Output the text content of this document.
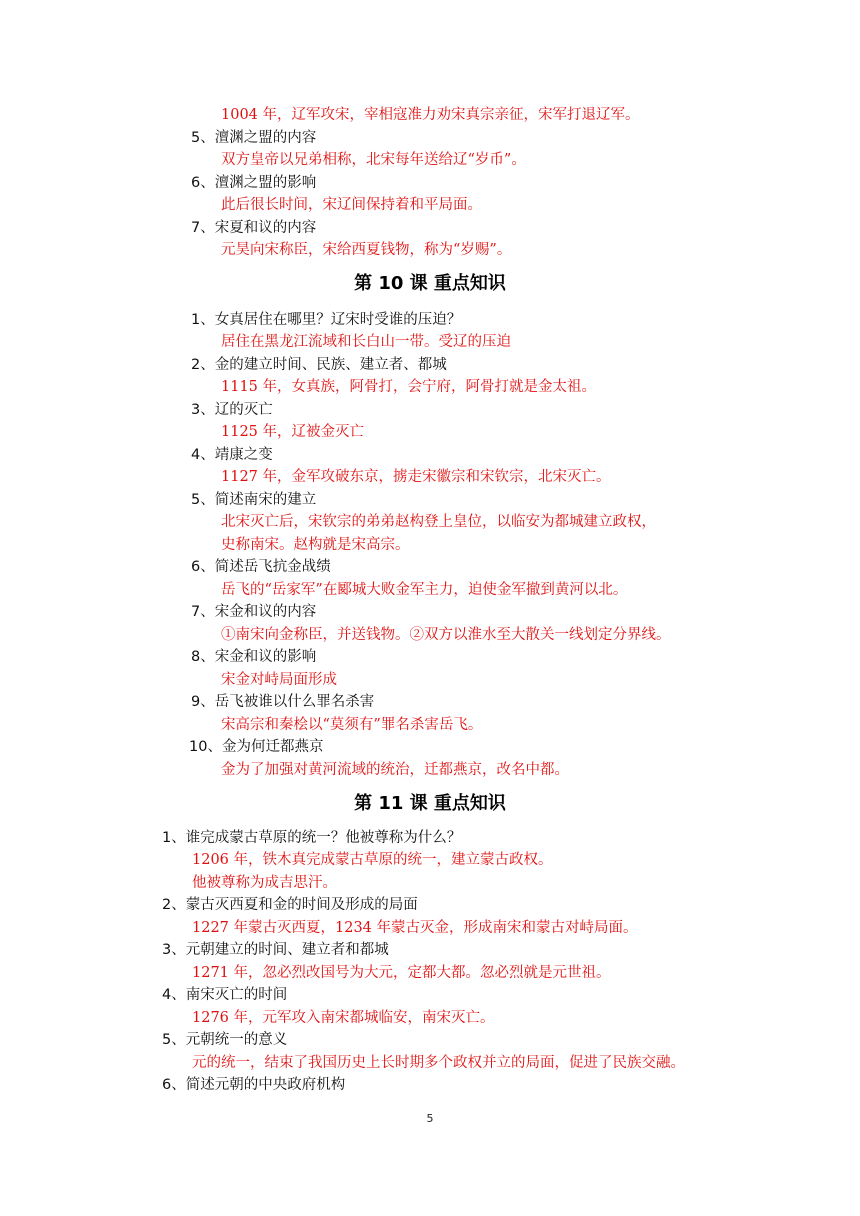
1004 年，辽军攻宋，宰相寇准力劝宋真宗亲征，宋军打退辽军。
5、澶渊之盟的内容
双方皇帝以兄弟相称，北宋每年送给辽“岁币”。
6、澶渊之盟的影响
此后很长时间，宋辽间保持着和平局面。
7、宋夏和议的内容
元昊向宋称臣，宋给西夏钱物，称为“岁赐”。
第 10 课 重点知识
1、女真居住在哪里？辽宋时受谁的压迫？
居住在黑龙江流域和长白山一带。受辽的压迫
2、金的建立时间、民族、建立者、都城
1115 年，女真族，阿骨打，会宁府，阿骨打就是金太祖。
3、辽的灭亡
1125 年，辽被金灭亡
4、靖康之变
1127 年，金军攻破东京，掳走宋徽宗和宋钦宗，北宋灭亡。
5、简述南宋的建立
北宋灭亡后，宋钦宗的弟弟赵构登上皇位，以临安为都城建立政权，
史称南宋。赵构就是宋高宗。
6、简述岳飞抗金战绩
岳飞的“岳家军”在郾城大败金军主力，迫使金军撤到黄河以北。
7、宋金和议的内容
①南宋向金称臣，并送钱物。②双方以淮水至大散关一线划定分界线。
8、宋金和议的影响
宋金对峙局面形成
9、岳飞被谁以什么罪名杀害
宋高宗和秦桧以“莫须有”罪名杀害岳飞。
10、金为何迁都燕京
金为了加强对黄河流域的统治，迁都燕京，改名中都。
第 11 课 重点知识
1、谁完成蒙古草原的统一？他被尊称为什么？
1206 年，铁木真完成蒙古草原的统一，建立蒙古政权。
他被尊称为成吉思汗。
2、蒙古灭西夏和金的时间及形成的局面
1227 年蒙古灭西夏，1234 年蒙古灭金，形成南宋和蒙古对峙局面。
3、元朝建立的时间、建立者和都城
1271 年，忽必烈改国号为大元，定都大都。忽必烈就是元世祖。
4、南宋灭亡的时间
1276 年，元军攻入南宋都城临安，南宋灭亡。
5、元朝统一的意义
元的统一，结束了我国历史上长时期多个政权并立的局面，促进了民族交融。
6、简述元朝的中央政府机构
5
